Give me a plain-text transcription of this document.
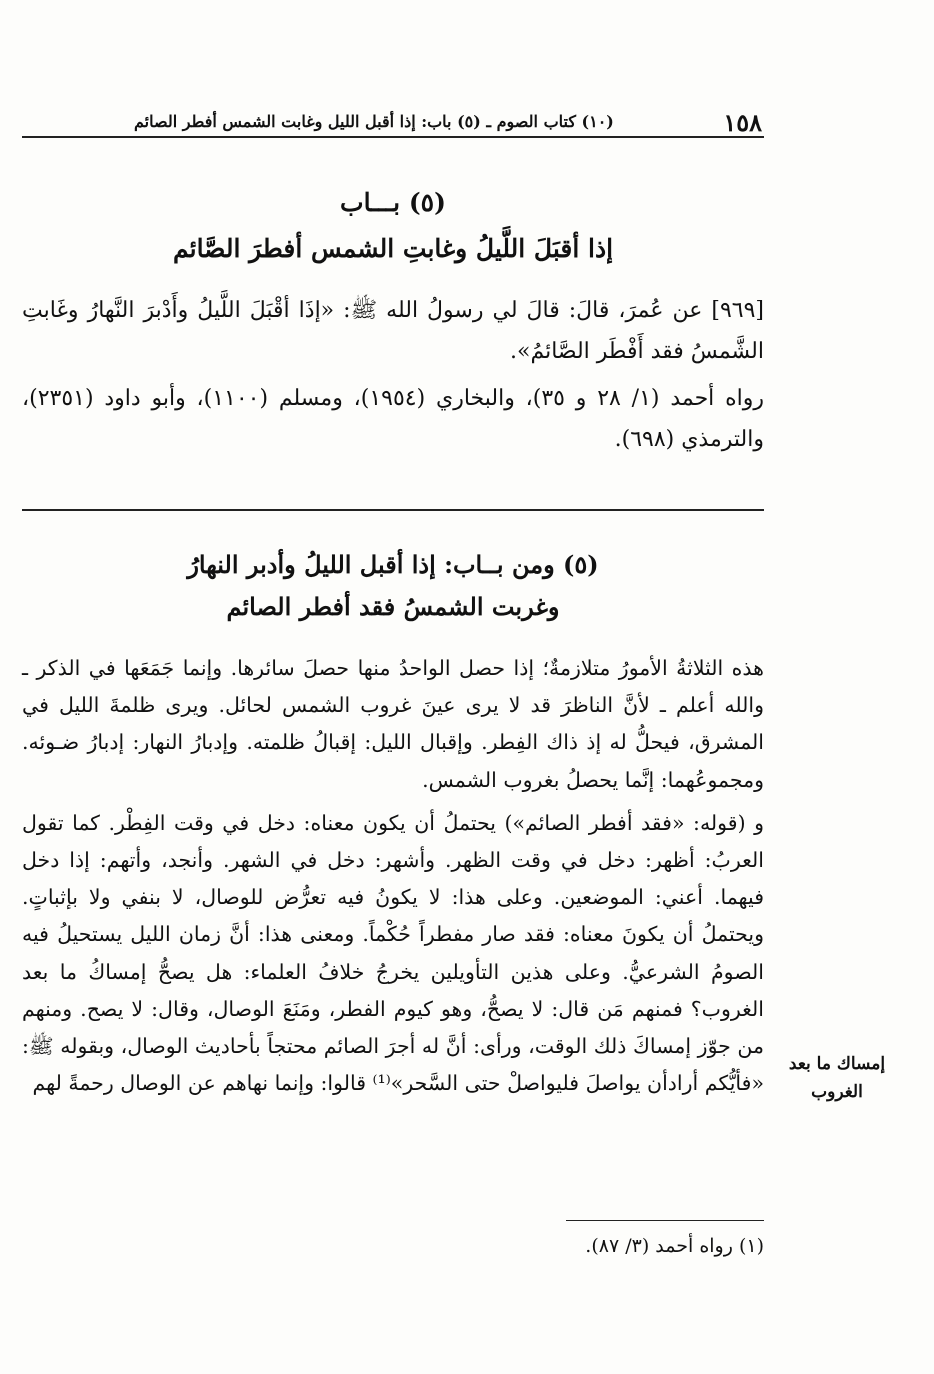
١٥٨
(١٠) كتاب الصوم ـ (٥) باب: إذا أقبل الليل وغابت الشمس أفطر الصائم
(٥) بـــاب
إذا أقبَلَ اللَّيلُ وغابتِ الشمس أفطرَ الصَّائم

[٩٦٩] عن عُمرَ، قالَ: قالَ لي رسولُ الله ﷺ: «إذَا أقْبَلَ اللَّيلُ وأَدْبرَ النَّهارُ وغَابتِ الشَّمسُ فقد أَفْطَر الصَّائمُ».

رواه أحمد (١/ ٢٨ و ٣٥)، والبخاري (١٩٥٤)، ومسلم (١١٠٠)، وأبو داود (٢٣٥١)، والترمذي (٦٩٨).

(٥) ومن بــاب: إذا أقبل الليلُ وأدبر النهارُ
وغربت الشمسُ فقد أفطر الصائم

هذه الثلاثةُ الأمورُ متلازمةٌ؛ إذا حصل الواحدُ منها حصلَ سائرها. وإنما جَمَعَها في الذكر ـ والله أعلم ـ لأنَّ الناظرَ قد لا يرى عينَ غروب الشمس لحائل. ويرى ظلمةَ الليل في المشرق، فيحلُّ له إذ ذاك الفِطر. وإقبال الليل: إقبالُ ظلمته. وإدبارُ النهار: إدبارُ ضـوئه. ومجموعُهما: إنَّما يحصلُ بغروب الشمس.

و (قوله: «فقد أفطر الصائم») يحتملُ أن يكون معناه: دخل في وقت الفِطْر. كما تقول العربُ: أظهر: دخل في وقت الظهر. وأشهر: دخل في الشهر. وأنجد، وأتهم: إذا دخل فيهما. أعني: الموضعين. وعلى هذا: لا يكونُ فيه تعرُّض للوصال، لا بنفي ولا بإثباتٍ. ويحتملُ أن يكونَ معناه: فقد صار مفطراً حُكْماً. ومعنى هذا: أنَّ زمان الليل يستحيلُ فيه الصومُ الشرعيُّ. وعلى هذين التأويلين يخرجُ خلافُ العلماء: هل يصحُّ إمساكُ ما بعد الغروب؟ فمنهم مَن قال: لا يصحُّ، وهو كيوم الفطر، ومَنَعَ الوصال، وقال: لا يصح. ومنهم من جوّز إمساكَ ذلك الوقت، ورأى: أنَّ له أجرَ الصائم محتجاً بأحاديث الوصال، وبقوله ﷺ: «فأيُّكم أرادأن يواصلَ فليواصلْ حتى السَّحر»⁽¹⁾ قالوا: وإنما نهاهم عن الوصال رحمةً لهم

إمساك ما بعد
الغروب
(١) رواه أحمد (٣/ ٨٧).
